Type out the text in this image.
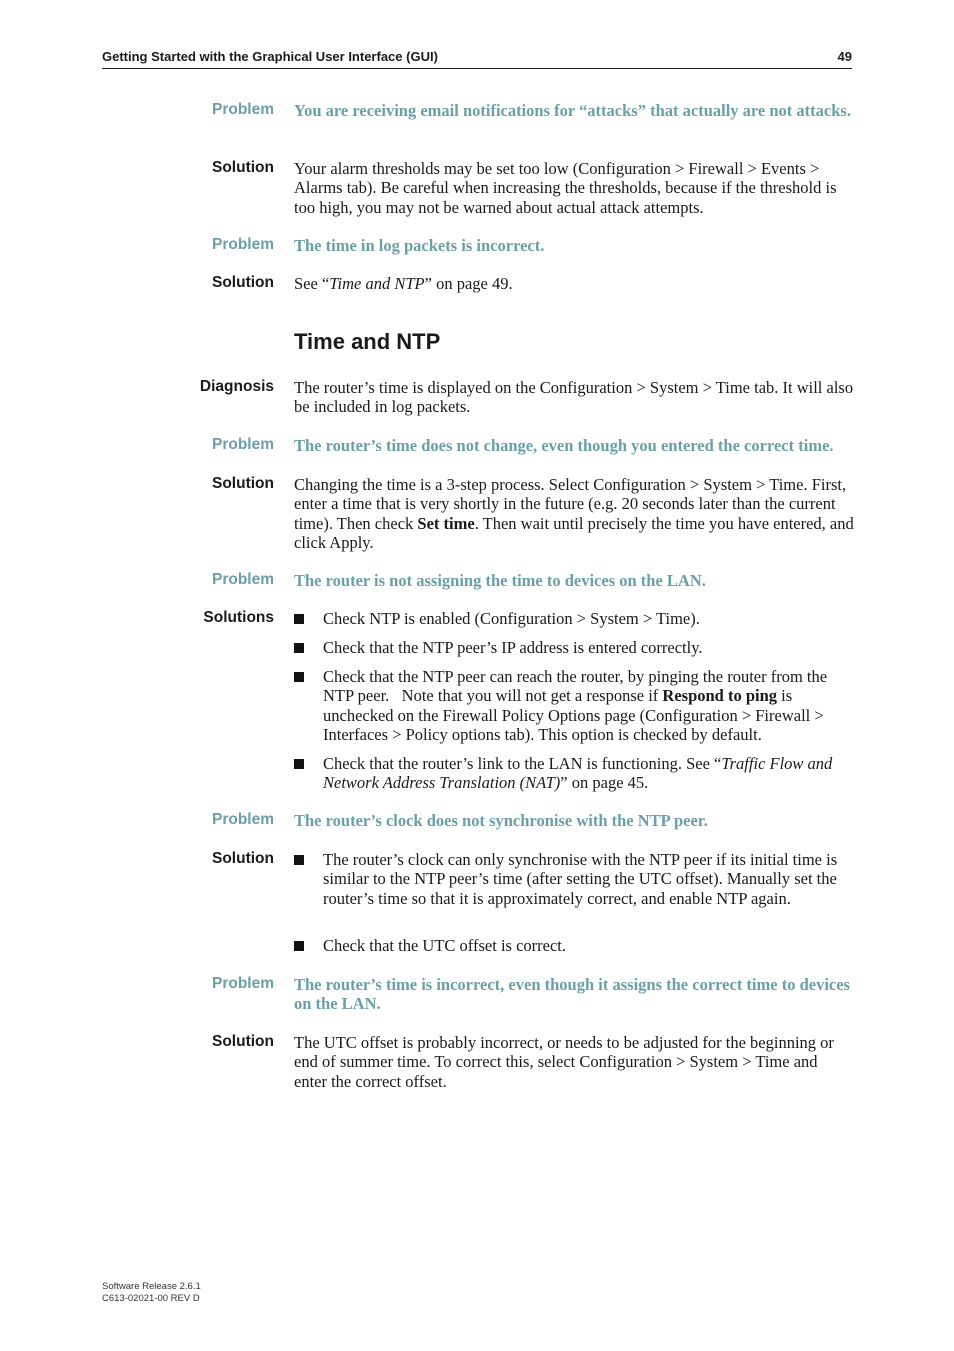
Getting Started with the Graphical User Interface (GUI)	49
Problem You are receiving email notifications for “attacks” that actually are not attacks.
Solution Your alarm thresholds may be set too low (Configuration > Firewall > Events > Alarms tab). Be careful when increasing the thresholds, because if the threshold is too high, you may not be warned about actual attack attempts.
Problem The time in log packets is incorrect.
Solution See “Time and NTP” on page 49.
Time and NTP
Diagnosis The router’s time is displayed on the Configuration > System > Time tab. It will also be included in log packets.
Problem The router’s time does not change, even though you entered the correct time.
Solution Changing the time is a 3-step process. Select Configuration > System > Time. First, enter a time that is very shortly in the future (e.g. 20 seconds later than the current time). Then check Set time. Then wait until precisely the time you have entered, and click Apply.
Problem The router is not assigning the time to devices on the LAN.
Solutions	Check NTP is enabled (Configuration > System > Time).
Check that the NTP peer’s IP address is entered correctly.
Check that the NTP peer can reach the router, by pinging the router from the NTP peer.   Note that you will not get a response if Respond to ping is unchecked on the Firewall Policy Options page (Configuration > Firewall > Interfaces > Policy options tab). This option is checked by default.
Check that the router’s link to the LAN is functioning. See “Traffic Flow and Network Address Translation (NAT)” on page 45.
Problem The router’s clock does not synchronise with the NTP peer.
Solution	The router’s clock can only synchronise with the NTP peer if its initial time is similar to the NTP peer’s time (after setting the UTC offset). Manually set the router’s time so that it is approximately correct, and enable NTP again.
Check that the UTC offset is correct.
Problem The router’s time is incorrect, even though it assigns the correct time to devices on the LAN.
Solution The UTC offset is probably incorrect, or needs to be adjusted for the beginning or end of summer time. To correct this, select Configuration > System > Time and enter the correct offset.
Software Release 2.6.1
C613-02021-00 REV D
